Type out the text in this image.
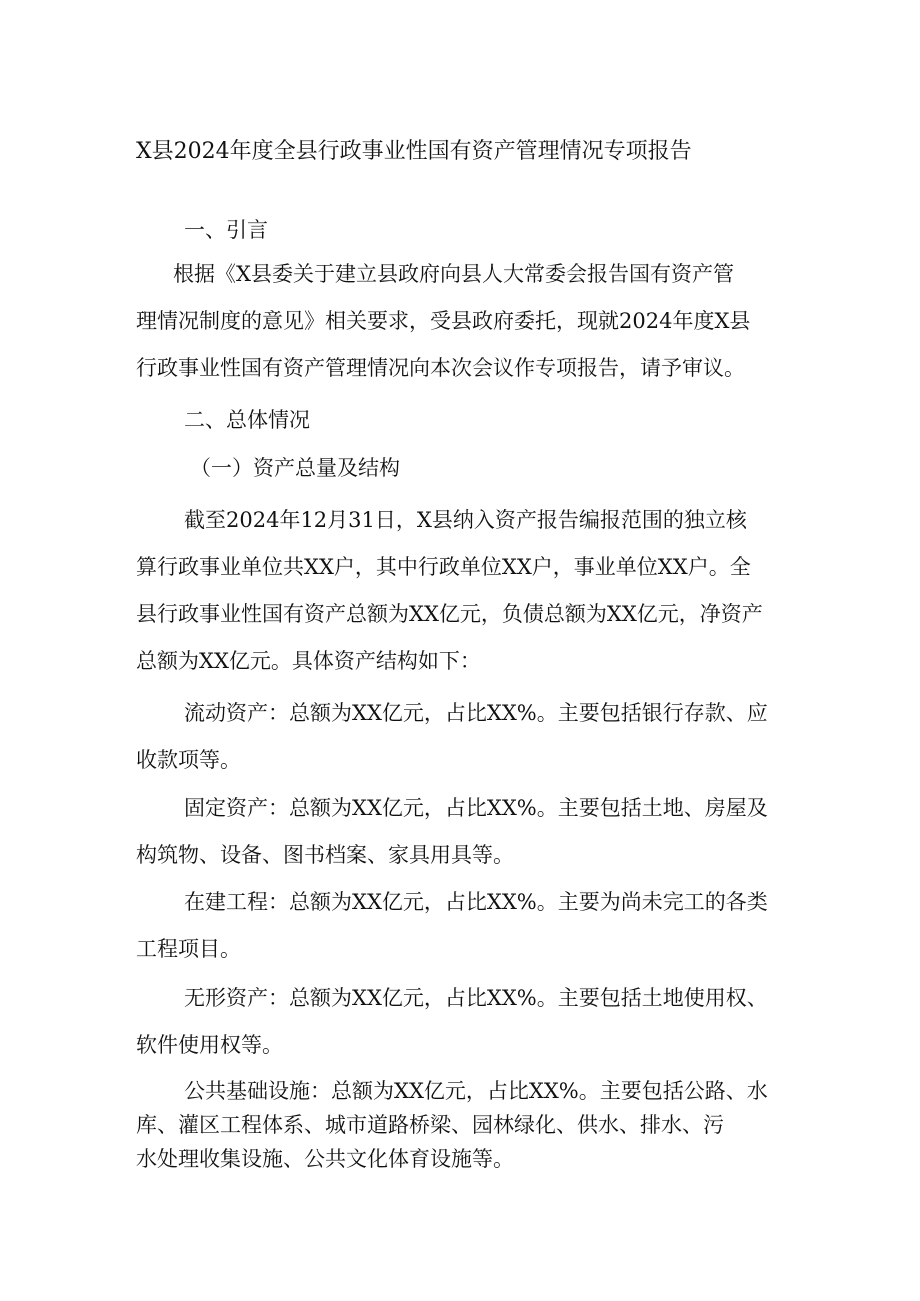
X县2024年度全县行政事业性国有资产管理情况专项报告
一、引言
根据《X县委关于建立县政府向县人大常委会报告国有资产管
理情况制度的意见》相关要求，受县政府委托，现就2024年度X县
行政事业性国有资产管理情况向本次会议作专项报告，请予审议。
二、总体情况
（一）资产总量及结构
截至2024年12月31日，X县纳入资产报告编报范围的独立核
算行政事业单位共XX户，其中行政单位XX户，事业单位XX户。全
县行政事业性国有资产总额为XX亿元，负债总额为XX亿元，净资产
总额为XX亿元。具体资产结构如下：
流动资产：总额为XX亿元，占比XX%。主要包括银行存款、应
收款项等。
固定资产：总额为XX亿元，占比XX%。主要包括土地、房屋及
构筑物、设备、图书档案、家具用具等。
在建工程：总额为XX亿元，占比XX%。主要为尚未完工的各类
工程项目。
无形资产：总额为XX亿元，占比XX%。主要包括土地使用权、
软件使用权等。
公共基础设施：总额为XX亿元，占比XX%。主要包括公路、水
库、灌区工程体系、城市道路桥梁、园林绿化、供水、排水、污
水处理收集设施、公共文化体育设施等。
